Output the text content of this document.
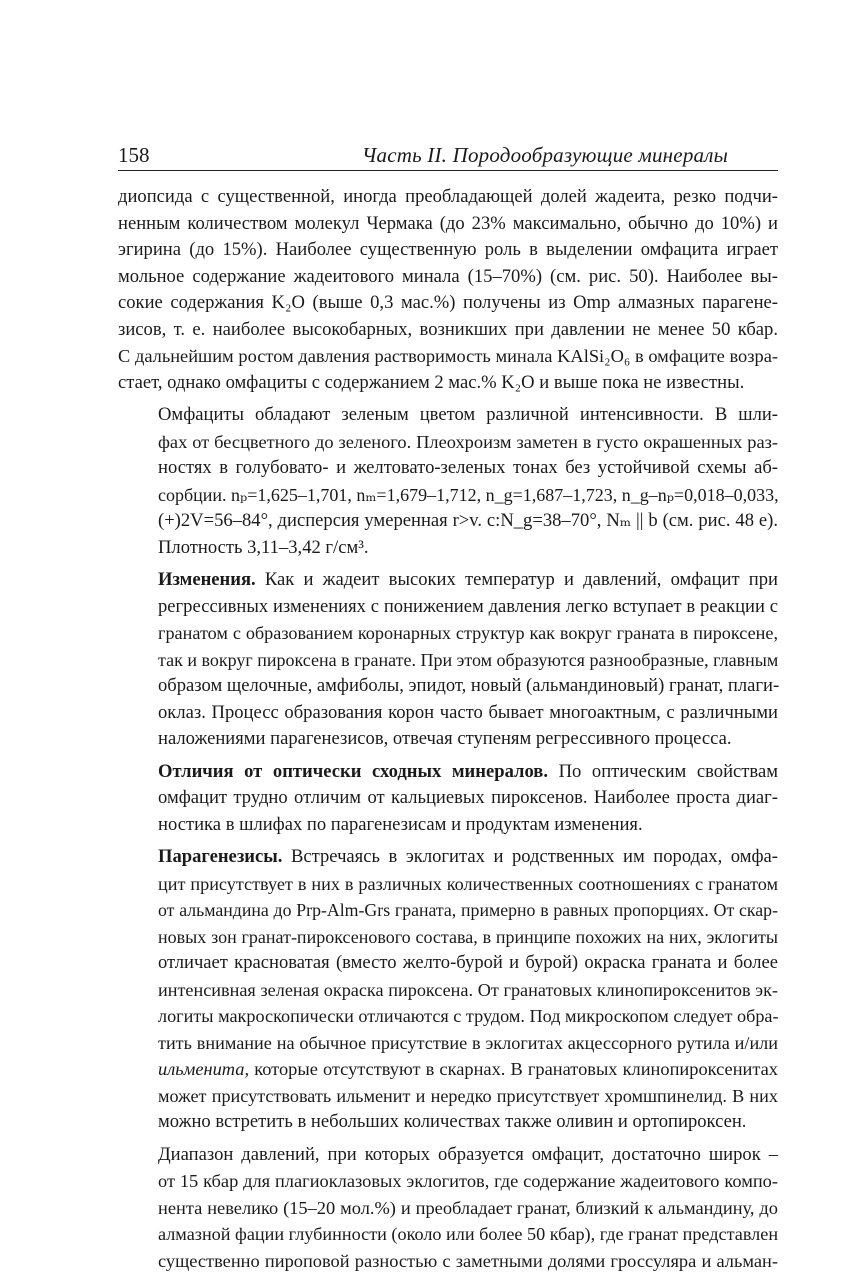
158	Часть II. Породообразующие минералы
диопсида с существенной, иногда преобладающей долей жадеита, резко подчи-
ненным количеством молекул Чермака (до 23% максимально, обычно до 10%) и
эгирина (до 15%). Наиболее существенную роль в выделении омфацита играет
мольное содержание жадеитового минала (15–70%) (см. рис. 50). Наиболее вы-
сокие содержания K₂O (выше 0,3 мас.%) получены из Omp алмазных парагене-
зисов, т. е. наиболее высокобарных, возникших при давлении не менее 50 кбар.
С дальнейшим ростом давления растворимость минала KAlSi₂O₆ в омфаците возра-
стает, однако омфациты с содержанием 2 мас.% K₂O и выше пока не известны.
Омфациты обладают зеленым цветом различной интенсивности. В шли-
фах от бесцветного до зеленого. Плеохроизм заметен в густо окрашенных раз-
ностях в голубовато- и желтовато-зеленых тонах без устойчивой схемы аб-
сорбции. nₚ=1,625–1,701, nₘ=1,679–1,712, n_g=1,687–1,723, n_g–nₚ=0,018–0,033,
(+)2V=56–84°, дисперсия умеренная r>v. c:N_g=38–70°, Nₘ || b (см. рис. 48 е).
Плотность 3,11–3,42 г/см³.
Изменения. Как и жадеит высоких температур и давлений, омфацит при
регрессивных изменениях с понижением давления легко вступает в реакции с
гранатом с образованием коронарных структур как вокруг граната в пироксене,
так и вокруг пироксена в гранате. При этом образуются разнообразные, главным
образом щелочные, амфиболы, эпидот, новый (альмандиновый) гранат, плаги-
оклаз. Процесс образования корон часто бывает многоактным, с различными
наложениями парагенезисов, отвечая ступеням регрессивного процесса.
Отличия от оптически сходных минералов. По оптическим свойствам
омфацит трудно отличим от кальциевых пироксенов. Наиболее проста диаг-
ностика в шлифах по парагенезисам и продуктам изменения.
Парагенезисы. Встречаясь в эклогитах и родственных им породах, омфа-
цит присутствует в них в различных количественных соотношениях с гранатом
от альмандина до Prp-Alm-Grs граната, примерно в равных пропорциях. От скар-
новых зон гранат-пироксенового состава, в принципе похожих на них, эклогиты
отличает красноватая (вместо желто-бурой и бурой) окраска граната и более
интенсивная зеленая окраска пироксена. От гранатовых клинопироксенитов эк-
логиты макроскопически отличаются с трудом. Под микроскопом следует обра-
тить внимание на обычное присутствие в эклогитах акцессорного рутила и/или
ильменита, которые отсутствуют в скарнах. В гранатовых клинопироксенитах
может присутствовать ильменит и нередко присутствует хромшпинелид. В них
можно встретить в небольших количествах также оливин и ортопироксен.
Диапазон давлений, при которых образуется омфацит, достаточно широк –
от 15 кбар для плагиоклазовых эклогитов, где содержание жадеитового компо-
нента невелико (15–20 мол.%) и преобладает гранат, близкий к альмандину, до
алмазной фации глубинности (около или более 50 кбар), где гранат представлен
существенно пироповой разностью с заметными долями гроссуляра и альман-
